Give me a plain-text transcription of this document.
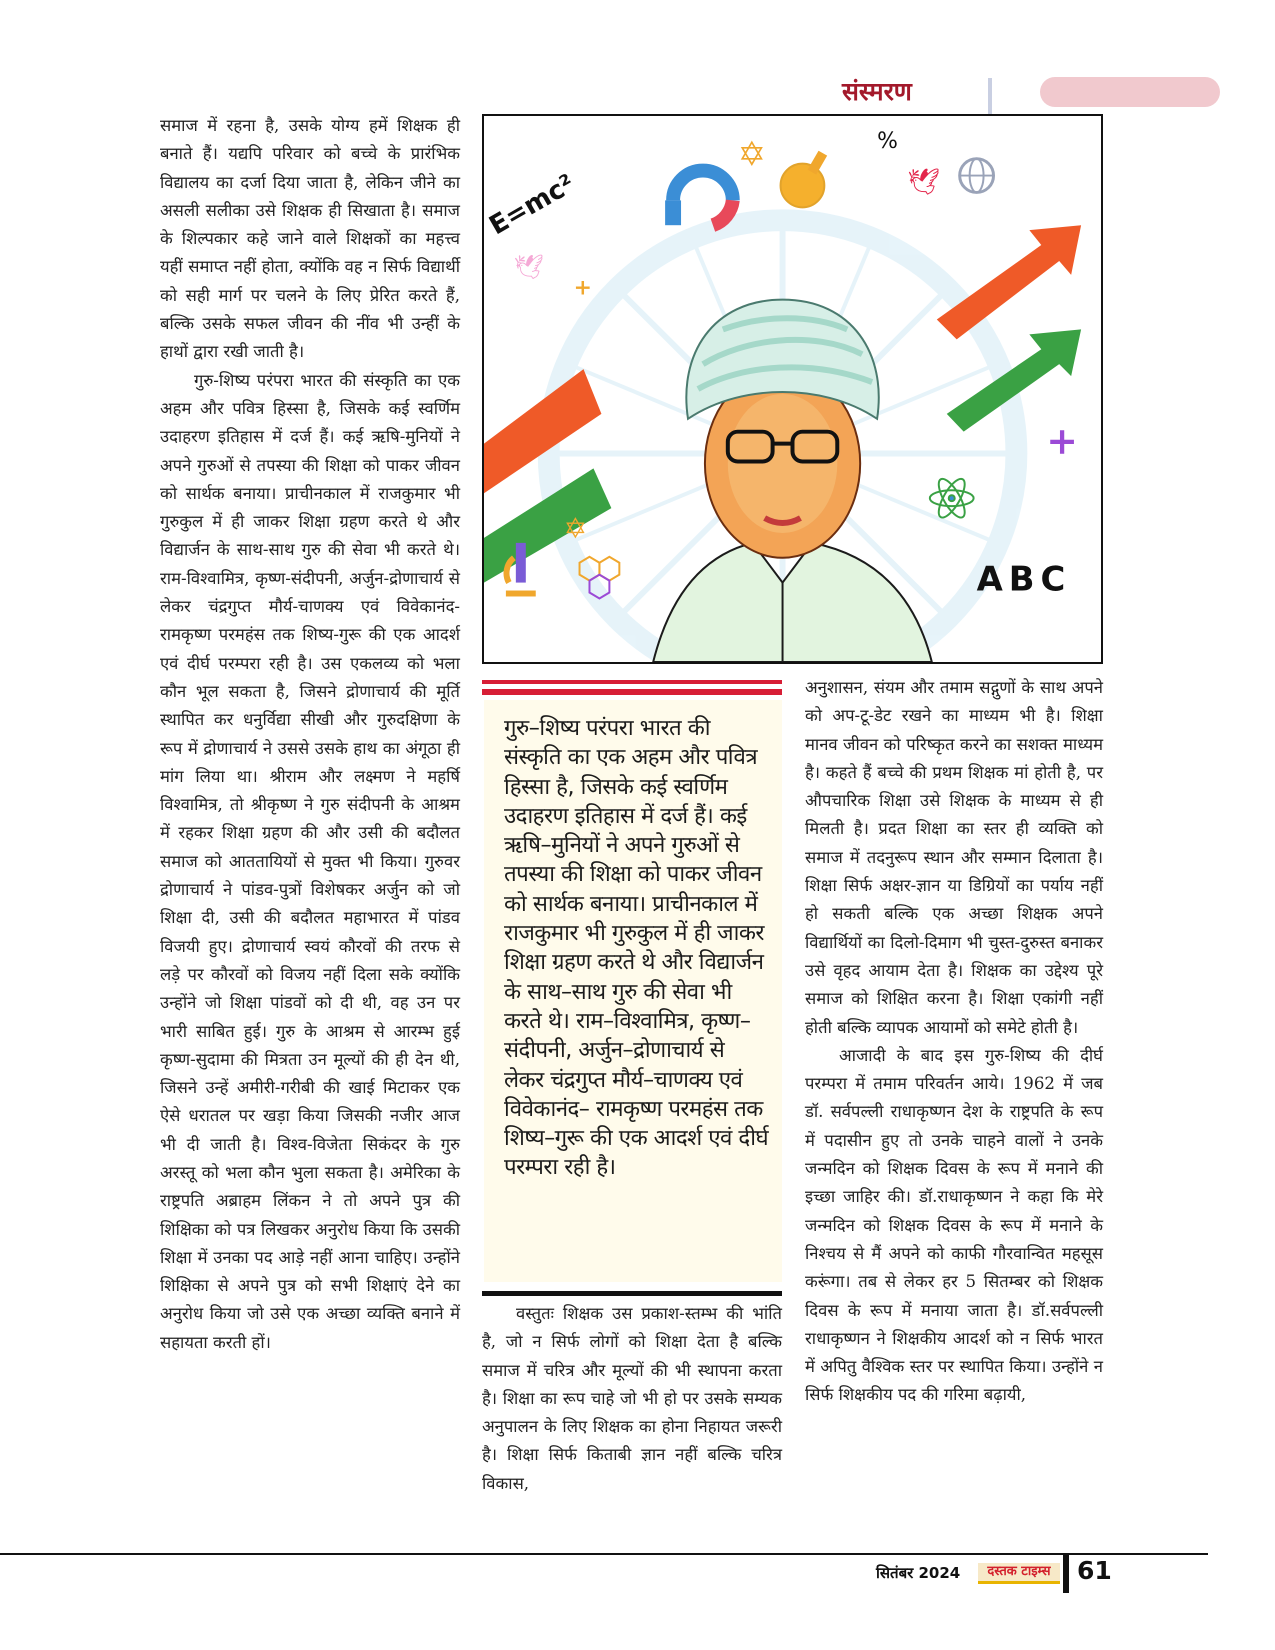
संस्मरण

समाज में रहना है, उसके योग्य हमें शिक्षक ही बनाते हैं। यद्यपि परिवार को बच्चे के प्रारंभिक विद्यालय का दर्जा दिया जाता है, लेकिन जीने का असली सलीका उसे शिक्षक ही सिखाता है। समाज के शिल्पकार कहे जाने वाले शिक्षकों का महत्त्व यहीं समाप्त नहीं होता, क्योंकि वह न सिर्फ विद्यार्थी को सही मार्ग पर चलने के लिए प्रेरित करते हैं, बल्कि उसके सफल जीवन की नींव भी उन्हीं के हाथों द्वारा रखी जाती है।

गुरु-शिष्य परंपरा भारत की संस्कृति का एक अहम और पवित्र हिस्सा है, जिसके कई स्वर्णिम उदाहरण इतिहास में दर्ज हैं। कई ऋषि-मुनियों ने अपने गुरुओं से तपस्या की शिक्षा को पाकर जीवन को सार्थक बनाया। प्राचीनकाल में राजकुमार भी गुरुकुल में ही जाकर शिक्षा ग्रहण करते थे और विद्यार्जन के साथ-साथ गुरु की सेवा भी करते थे। राम-विश्वामित्र, कृष्ण-संदीपनी, अर्जुन-द्रोणाचार्य से लेकर चंद्रगुप्त मौर्य-चाणक्य एवं विवेकानंद-रामकृष्ण परमहंस तक शिष्य-गुरू की एक आदर्श एवं दीर्घ परम्परा रही है। उस एकलव्य को भला कौन भूल सकता है, जिसने द्रोणाचार्य की मूर्ति स्थापित कर धनुर्विद्या सीखी और गुरुदक्षिणा के रूप में द्रोणाचार्य ने उससे उसके हाथ का अंगूठा ही मांग लिया था। श्रीराम और लक्ष्मण ने महर्षि विश्वामित्र, तो श्रीकृष्ण ने गुरु संदीपनी के आश्रम में रहकर शिक्षा ग्रहण की और उसी की बदौलत समाज को आततायियों से मुक्त भी किया। गुरुवर द्रोणाचार्य ने पांडव-पुत्रों विशेषकर अर्जुन को जो शिक्षा दी, उसी की बदौलत महाभारत में पांडव विजयी हुए। द्रोणाचार्य स्वयं कौरवों की तरफ से लड़े पर कौरवों को विजय नहीं दिला सके क्योंकि उन्होंने जो शिक्षा पांडवों को दी थी, वह उन पर भारी साबित हुई। गुरु के आश्रम से आरम्भ हुई कृष्ण-सुदामा की मित्रता उन मूल्यों की ही देन थी, जिसने उन्हें अमीरी-गरीबी की खाई मिटाकर एक ऐसे धरातल पर खड़ा किया जिसकी नजीर आज भी दी जाती है। विश्व-विजेता सिकंदर के गुरु अरस्तू को भला कौन भुला सकता है। अमेरिका के राष्ट्रपति अब्राहम लिंकन ने तो अपने पुत्र की शिक्षिका को पत्र लिखकर अनुरोध किया कि उसकी शिक्षा में उनका पद आड़े नहीं आना चाहिए। उन्होंने शिक्षिका से अपने पुत्र को सभी शिक्षाएं देने का अनुरोध किया जो उसे एक अच्छा व्यक्ति बनाने में सहायता करती हों।

E=mc²
%
✡
✡
🕊
🕊
+
+
ABC

गुरु–शिष्य परंपरा भारत की संस्कृति का एक अहम और पवित्र हिस्सा है, जिसके कई स्वर्णिम उदाहरण इतिहास में दर्ज हैं। कई ऋषि–मुनियों ने अपने गुरुओं से तपस्या की शिक्षा को पाकर जीवन को सार्थक बनाया। प्राचीनकाल में राजकुमार भी गुरुकुल में ही जाकर शिक्षा ग्रहण करते थे और विद्यार्जन के साथ–साथ गुरु की सेवा भी करते थे। राम–विश्वामित्र, कृष्ण–संदीपनी, अर्जुन–द्रोणाचार्य से लेकर चंद्रगुप्त मौर्य–चाणक्य एवं विवेकानंद– रामकृष्ण परमहंस तक शिष्य–गुरू की एक आदर्श एवं दीर्घ परम्परा रही है।

वस्तुतः शिक्षक उस प्रकाश-स्तम्भ की भांति है, जो न सिर्फ लोगों को शिक्षा देता है बल्कि समाज में चरित्र और मूल्यों की भी स्थापना करता है। शिक्षा का रूप चाहे जो भी हो पर उसके सम्यक अनुपालन के लिए शिक्षक का होना निहायत जरूरी है। शिक्षा सिर्फ किताबी ज्ञान नहीं बल्कि चरित्र विकास,

अनुशासन, संयम और तमाम सद्गुणों के साथ अपने को अप-टू-डेट रखने का माध्यम भी है। शिक्षा मानव जीवन को परिष्कृत करने का सशक्त माध्यम है। कहते हैं बच्चे की प्रथम शिक्षक मां होती है, पर औपचारिक शिक्षा उसे शिक्षक के माध्यम से ही मिलती है। प्रदत शिक्षा का स्तर ही व्यक्ति को समाज में तदनुरूप स्थान और सम्मान दिलाता है। शिक्षा सिर्फ अक्षर-ज्ञान या डिग्रियों का पर्याय नहीं हो सकती बल्कि एक अच्छा शिक्षक अपने विद्यार्थियों का दिलो-दिमाग भी चुस्त-दुरुस्त बनाकर उसे वृहद आयाम देता है। शिक्षक का उद्देश्य पूरे समाज को शिक्षित करना है। शिक्षा एकांगी नहीं होती बल्कि व्यापक आयामों को समेटे होती है।

आजादी के बाद इस गुरु-शिष्य की दीर्घ परम्परा में तमाम परिवर्तन आये। 1962 में जब डॉ. सर्वपल्ली राधाकृष्णन देश के राष्ट्रपति के रूप में पदासीन हुए तो उनके चाहने वालों ने उनके जन्मदिन को शिक्षक दिवस के रूप में मनाने की इच्छा जाहिर की। डॉ.राधाकृष्णन ने कहा कि मेरे जन्मदिन को शिक्षक दिवस के रूप में मनाने के निश्चय से मैं अपने को काफी गौरवान्वित महसूस करूंगा। तब से लेकर हर 5 सितम्बर को शिक्षक दिवस के रूप में मनाया जाता है। डॉ.सर्वपल्ली राधाकृष्णन ने शिक्षकीय आदर्श को न सिर्फ भारत में अपितु वैश्विक स्तर पर स्थापित किया। उन्होंने न सिर्फ शिक्षकीय पद की गरिमा बढ़ायी,

सितंबर 2024	दस्तक टाइम्स	61
